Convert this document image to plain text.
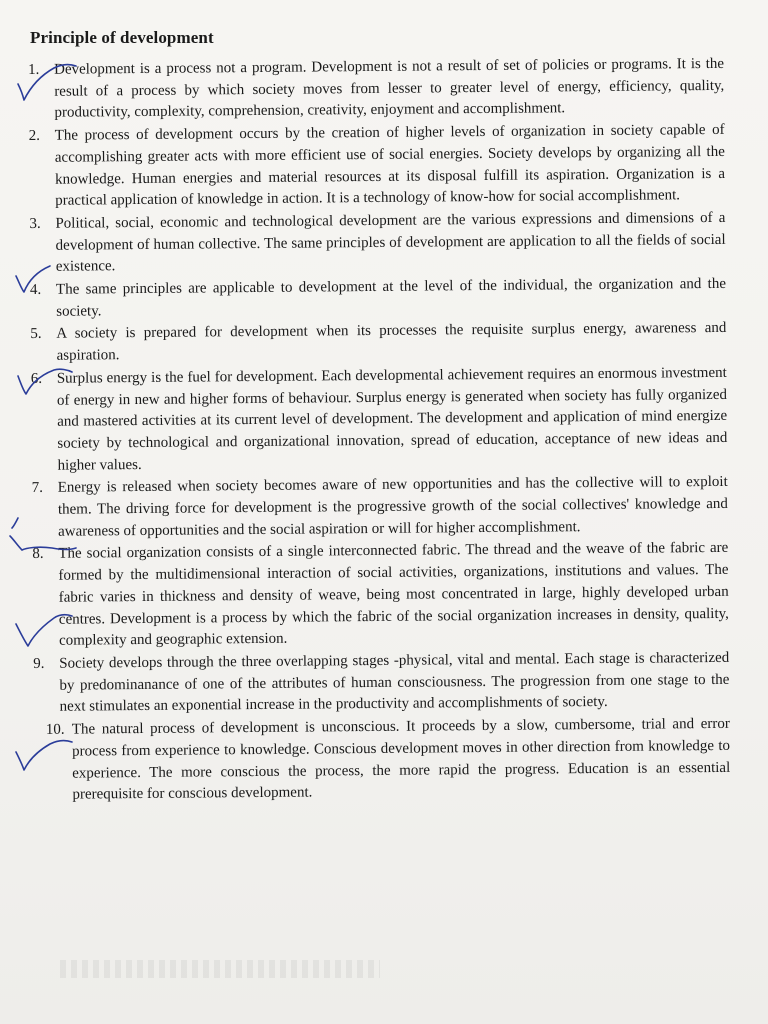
Principle of development
1. Development is a process not a program. Development is not a result of set of policies or programs. It is the result of a process by which society moves from lesser to greater level of energy, efficiency, quality, productivity, complexity, comprehension, creativity, enjoyment and accomplishment.
2. The process of development occurs by the creation of higher levels of organization in society capable of accomplishing greater acts with more efficient use of social energies. Society develops by organizing all the knowledge. Human energies and material resources at its disposal fulfill its aspiration. Organization is a practical application of knowledge in action. It is a technology of know-how for social accomplishment.
3. Political, social, economic and technological development are the various expressions and dimensions of a development of human collective. The same principles of development are application to all the fields of social existence.
4. The same principles are applicable to development at the level of the individual, the organization and the society.
5. A society is prepared for development when its processes the requisite surplus energy, awareness and aspiration.
6. Surplus energy is the fuel for development. Each developmental achievement requires an enormous investment of energy in new and higher forms of behaviour. Surplus energy is generated when society has fully organized and mastered activities at its current level of development. The development and application of mind energize society by technological and organizational innovation, spread of education, acceptance of new ideas and higher values.
7. Energy is released when society becomes aware of new opportunities and has the collective will to exploit them. The driving force for development is the progressive growth of the social collectives' knowledge and awareness of opportunities and the social aspiration or will for higher accomplishment.
8. The social organization consists of a single interconnected fabric. The thread and the weave of the fabric are formed by the multidimensional interaction of social activities, organizations, institutions and values. The fabric varies in thickness and density of weave, being most concentrated in large, highly developed urban centres. Development is a process by which the fabric of the social organization increases in density, quality, complexity and geographic extension.
9. Society develops through the three overlapping stages -physical, vital and mental. Each stage is characterized by predominanance of one of the attributes of human consciousness. The progression from one stage to the next stimulates an exponential increase in the productivity and accomplishments of society.
10. The natural process of development is unconscious. It proceeds by a slow, cumbersome, trial and error process from experience to knowledge. Conscious development moves in other direction from knowledge to experience. The more conscious the process, the more rapid the progress. Education is an essential prerequisite for conscious development.
